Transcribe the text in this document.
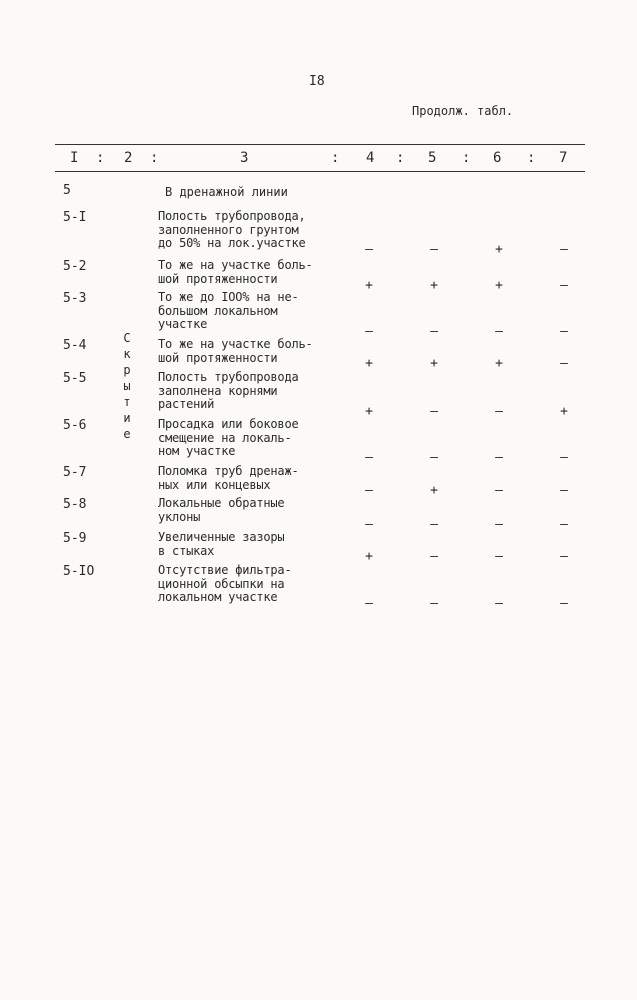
I8
Продолж. табл.
I : 2 :	3	: 4 : 5 : 6 : 7
5	В дренажной линии
С
к
р
ы
т
и
е
5-I	Полость трубопровода,
заполненного грунтом
до 50% на лок.участке	–	–	+	–
5-2	То же на участке боль-
шой протяженности	+	+	+	–
5-3	То же до IOO% на не-
большом локальном
участке	–	–	–	–
5-4	То же на участке боль-
шой протяженности	+	+	+	–
5-5	Полость трубопровода
заполнена корнями
растений	+	–	–	+
5-6	Просадка или боковое
смещение на локаль-
ном участке	–	–	–	–
5-7	Поломка труб дренаж-
ных или концевых	–	+	–	–
5-8	Локальные обратные
уклоны
–	–	–	–
5-9	Увеличенные зазоры
в стыках	+	–	–	–
5-IO	Отсутствие фильтра-
ционной обсыпки на
локальном участке	–	–	–	–
